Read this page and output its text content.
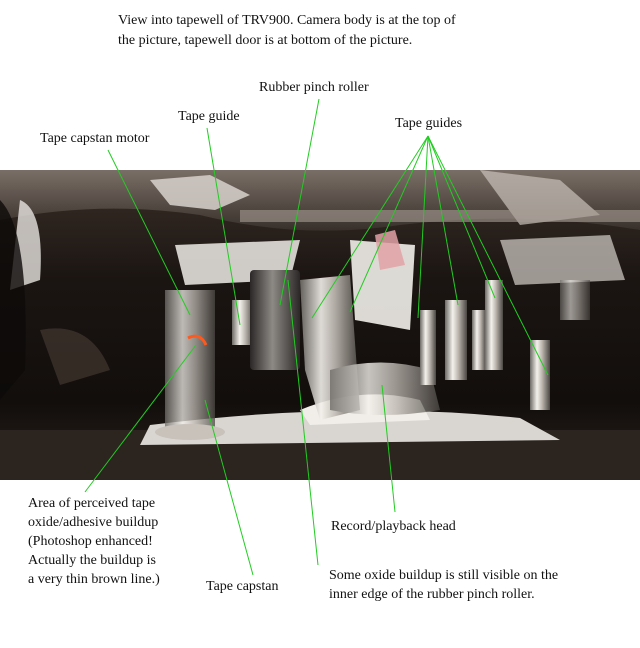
View into tapewell of TRV900. Camera body is at the top of
the picture, tapewell door is at bottom of the picture.
Rubber pinch roller
Tape guide	Tape guides
Tape capstan motor
Area of perceived tape
oxide/adhesive buildup
(Photoshop enhanced!
Actually the buildup is
a very thin brown line.)
Record/playback head
Tape capstan
Some oxide buildup is still visible on the
inner edge of the rubber pinch roller.
